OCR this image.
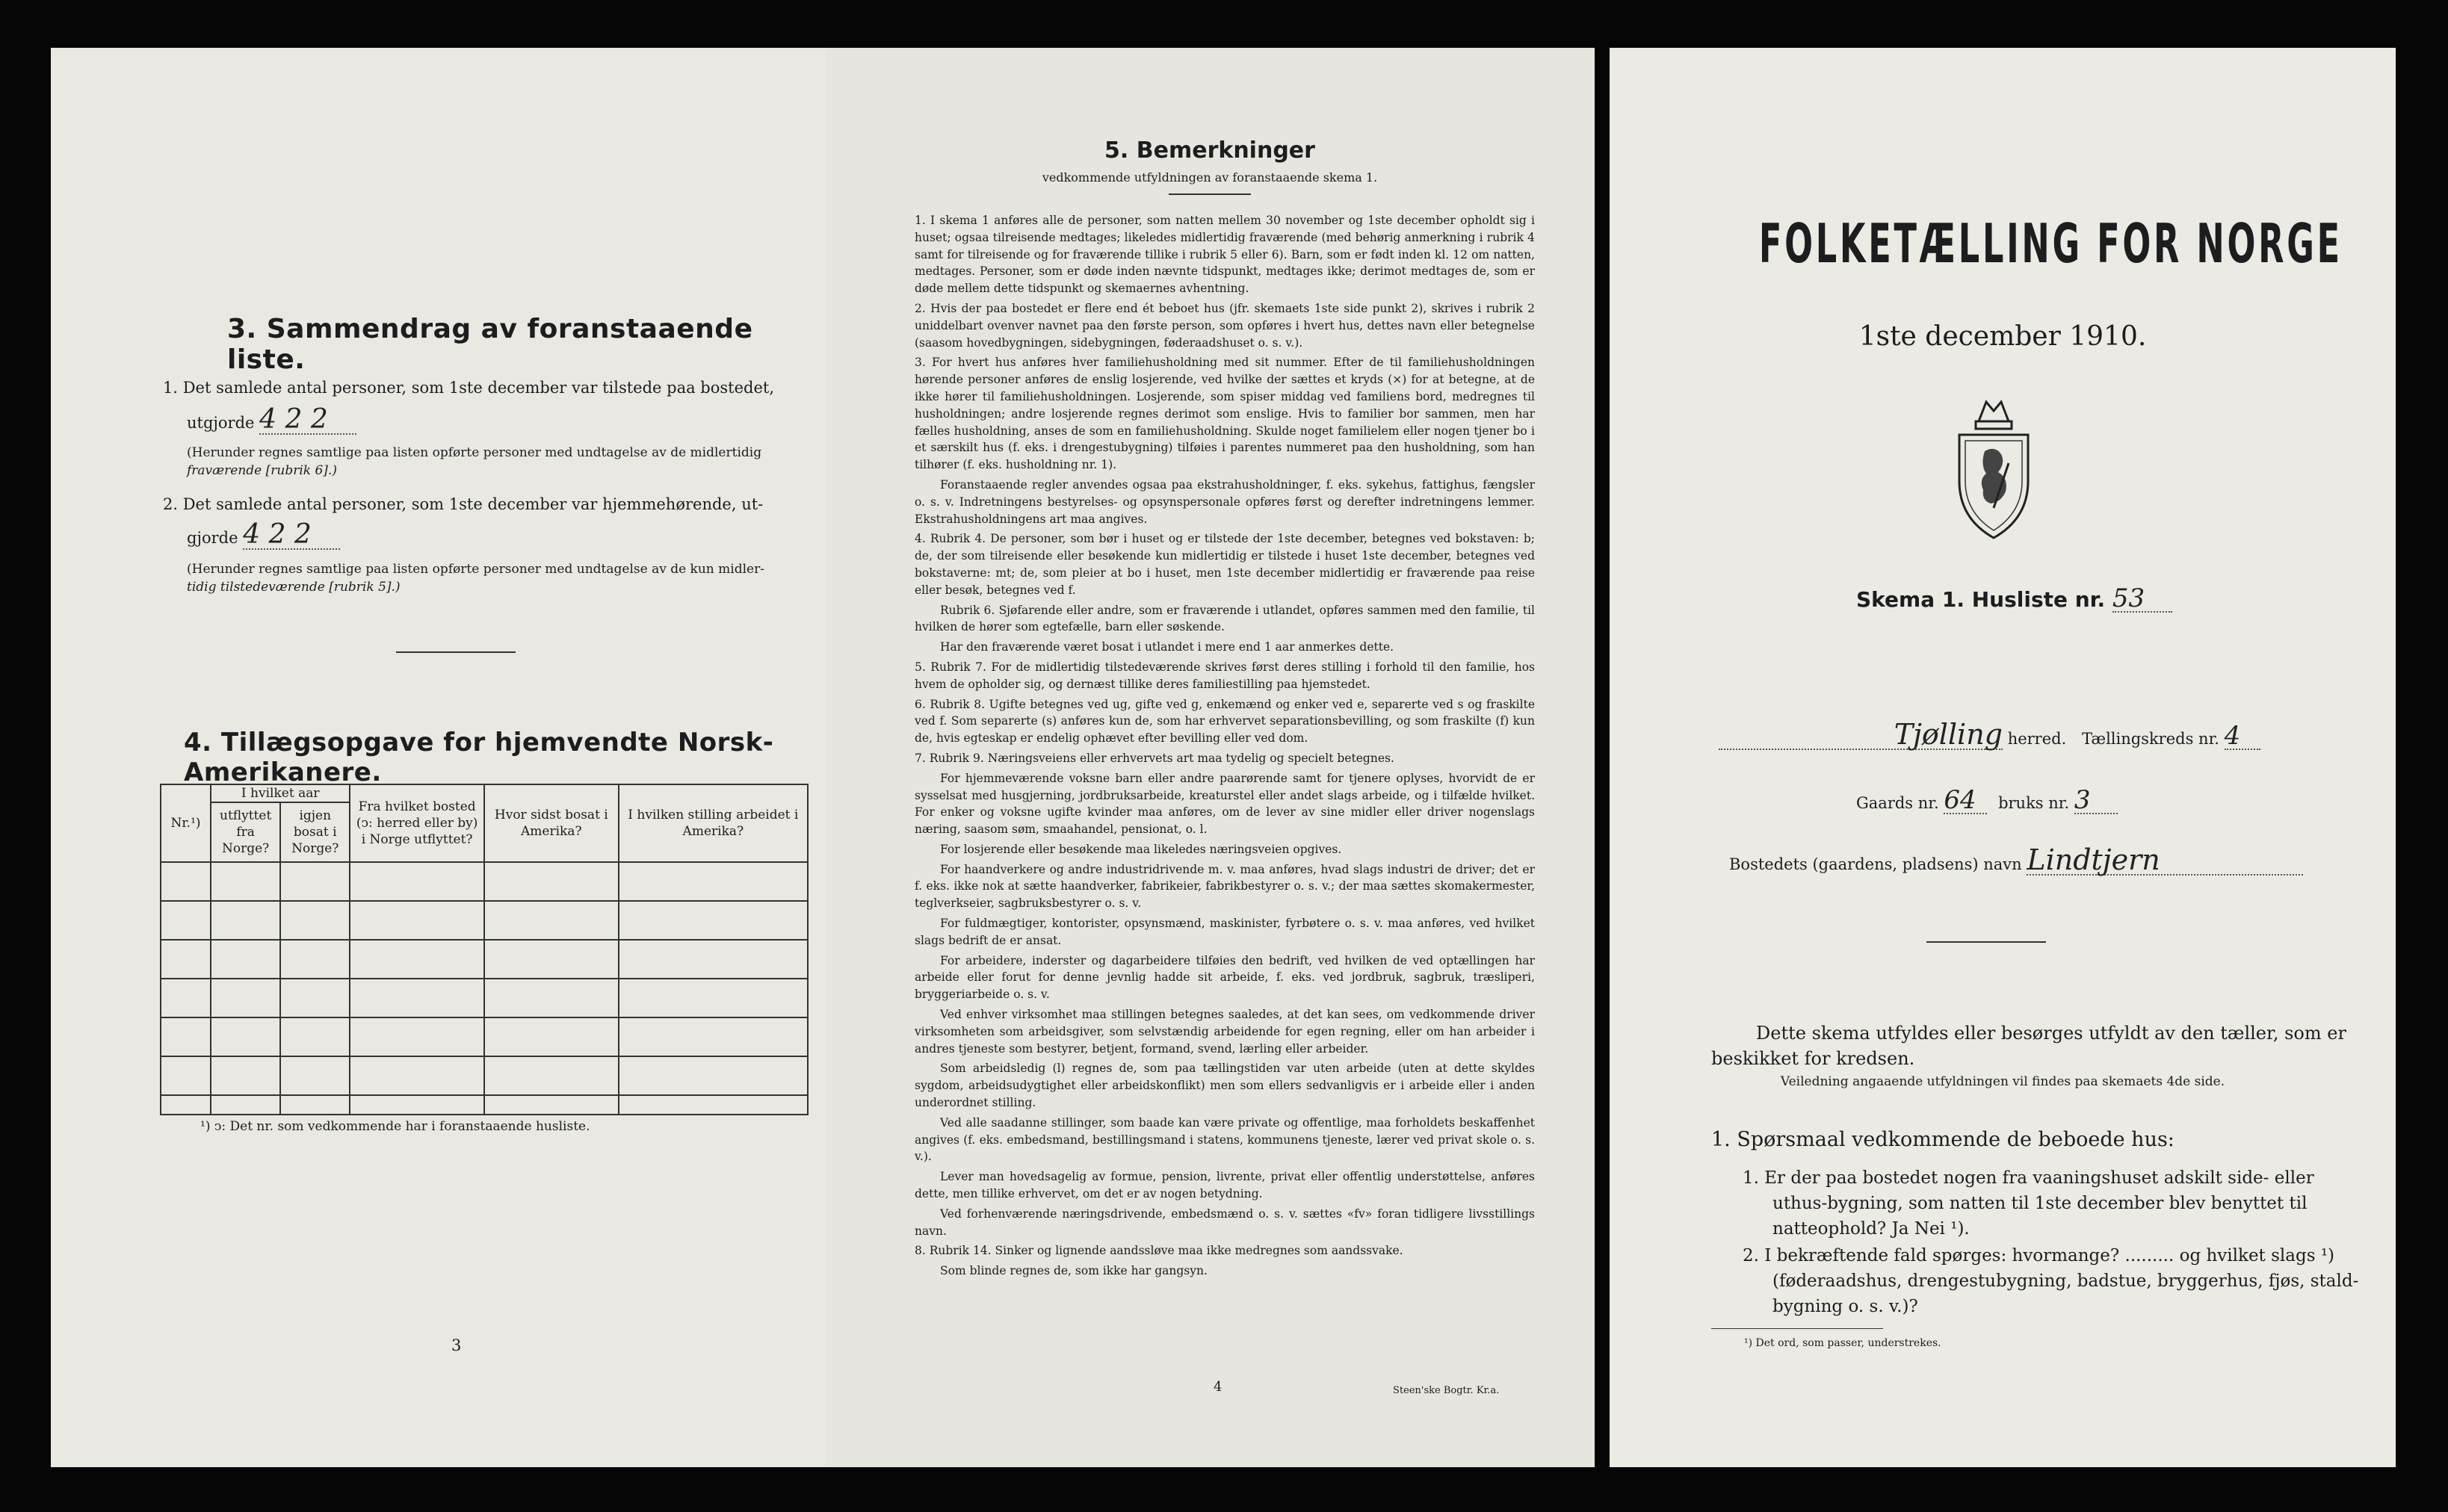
3. Sammendrag av foranstaaende liste.
1. Det samlede antal personer, som 1ste december var tilstede paa bostedet,
utgjorde 4 2 2
(Herunder regnes samtlige paa listen opførte personer med undtagelse av de midlertidig
fraværende [rubrik 6].)
2. Det samlede antal personer, som 1ste december var hjemmehørende, ut-
gjorde 4 2 2
(Herunder regnes samtlige paa listen opførte personer med undtagelse av de kun midler-
tidig tilstedeværende [rubrik 5].)
4. Tillægsopgave for hjemvendte Norsk-Amerikanere.
Nr.¹)	I hvilket aar		Fra hvilket bosted (ↄ: herred eller by) i Norge utflyttet?	Hvor sidst bosat i Amerika?	I hvilken stilling arbeidet i Amerika?
	utflyttet fra Norge?	igjen bosat i Norge?			

¹) ↄ: Det nr. som vedkommende har i foranstaaende husliste.
3
5. Bemerkninger
vedkommende utfyldningen av foranstaaende skema 1.

1. I skema 1 anføres alle de personer, som natten mellem 30 november og 1ste december opholdt sig i huset; ogsaa tilreisende medtages; likeledes midlertidig fraværende (med behørig anmerkning i rubrik 4 samt for tilreisende og for fraværende tillike i rubrik 5 eller 6). Barn, som er født inden kl. 12 om natten, medtages. Personer, som er døde inden nævnte tidspunkt, medtages ikke; derimot medtages de, som er døde mellem dette tidspunkt og skemaernes avhentning.

2. Hvis der paa bostedet er flere end ét beboet hus (jfr. skemaets 1ste side punkt 2), skrives i rubrik 2 uniddelbart ovenver navnet paa den første person, som opføres i hvert hus, dettes navn eller betegnelse (saasom hovedbygningen, sidebygningen, føderaadshuset o. s. v.).

3. For hvert hus anføres hver familiehusholdning med sit nummer. Efter de til familiehusholdningen hørende personer anføres de enslig losjerende, ved hvilke der sættes et kryds (×) for at betegne, at de ikke hører til familiehusholdningen. Losjerende, som spiser middag ved familiens bord, medregnes til husholdningen; andre losjerende regnes derimot som enslige. Hvis to familier bor sammen, men har fælles husholdning, anses de som en familiehusholdning. Skulde noget familielem eller nogen tjener bo i et særskilt hus (f. eks. i drengestubygning) tilføies i parentes nummeret paa den husholdning, som han tilhører (f. eks. husholdning nr. 1).

Foranstaaende regler anvendes ogsaa paa ekstrahusholdninger, f. eks. sykehus, fattighus, fængsler o. s. v. Indretningens bestyrelses- og opsynspersonale opføres først og derefter indretningens lemmer. Ekstrahusholdningens art maa angives.

4. Rubrik 4. De personer, som bør i huset og er tilstede der 1ste december, betegnes ved bokstaven: b; de, der som tilreisende eller besøkende kun midlertidig er tilstede i huset 1ste december, betegnes ved bokstaverne: mt; de, som pleier at bo i huset, men 1ste december midlertidig er fraværende paa reise eller besøk, betegnes ved f.

Rubrik 6. Sjøfarende eller andre, som er fraværende i utlandet, opføres sammen med den familie, til hvilken de hører som egtefælle, barn eller søskende.

Har den fraværende været bosat i utlandet i mere end 1 aar anmerkes dette.

5. Rubrik 7. For de midlertidig tilstedeværende skrives først deres stilling i forhold til den familie, hos hvem de opholder sig, og dernæst tillike deres familiestilling paa hjemstedet.

6. Rubrik 8. Ugifte betegnes ved ug, gifte ved g, enkemænd og enker ved e, separerte ved s og fraskilte ved f. Som separerte (s) anføres kun de, som har erhvervet separationsbevilling, og som fraskilte (f) kun de, hvis egteskap er endelig ophævet efter bevilling eller ved dom.

7. Rubrik 9. Næringsveiens eller erhvervets art maa tydelig og specielt betegnes.

For hjemmeværende voksne barn eller andre paarørende samt for tjenere oplyses, hvorvidt de er sysselsat med husgjerning, jordbruksarbeide, kreaturstel eller andet slags arbeide, og i tilfælde hvilket. For enker og voksne ugifte kvinder maa anføres, om de lever av sine midler eller driver nogenslags næring, saasom søm, smaahandel, pensionat, o. l.

For losjerende eller besøkende maa likeledes næringsveien opgives.

For haandverkere og andre industridrivende m. v. maa anføres, hvad slags industri de driver; det er f. eks. ikke nok at sætte haandverker, fabrikeier, fabrikbestyrer o. s. v.; der maa sættes skomakermester, teglverkseier, sagbruksbestyrer o. s. v.

For fuldmægtiger, kontorister, opsynsmænd, maskinister, fyrbøtere o. s. v. maa anføres, ved hvilket slags bedrift de er ansat.

For arbeidere, inderster og dagarbeidere tilføies den bedrift, ved hvilken de ved optællingen har arbeide eller forut for denne jevnlig hadde sit arbeide, f. eks. ved jordbruk, sagbruk, træsliperi, bryggeriarbeide o. s. v.

Ved enhver virksomhet maa stillingen betegnes saaledes, at det kan sees, om vedkommende driver virksomheten som arbeidsgiver, som selvstændig arbeidende for egen regning, eller om han arbeider i andres tjeneste som bestyrer, betjent, formand, svend, lærling eller arbeider.

Som arbeidsledig (l) regnes de, som paa tællingstiden var uten arbeide (uten at dette skyldes sygdom, arbeidsudygtighet eller arbeidskonflikt) men som ellers sedvanligvis er i arbeide eller i anden underordnet stilling.

Ved alle saadanne stillinger, som baade kan være private og offentlige, maa forholdets beskaffenhet angives (f. eks. embedsmand, bestillingsmand i statens, kommunens tjeneste, lærer ved privat skole o. s. v.).

Lever man hovedsagelig av formue, pension, livrente, privat eller offentlig understøttelse, anføres dette, men tillike erhvervet, om det er av nogen betydning.

Ved forhenværende næringsdrivende, embedsmænd o. s. v. sættes «fv» foran tidligere livsstillings navn.

8. Rubrik 14. Sinker og lignende aandssløve maa ikke medregnes som aandssvake.

Som blinde regnes de, som ikke har gangsyn.

4	Steen'ske Bogtr. Kr.a.
FOLKETÆLLING FOR NORGE
1ste december 1910.
Skema 1. Husliste nr. 53
Tjølling herred. Tællingskreds nr. 4
Gaards nr. 64 bruks nr. 3
Bostedets (gaardens, pladsens) navn Lindtjern
Dette skema utfyldes eller besørges utfyldt av den tæller, som er
beskikket for kredsen.
Veiledning angaaende utfyldningen vil findes paa skemaets 4de side.
1. Spørsmaal vedkommende de beboede hus:
1. Er der paa bostedet nogen fra vaaningshuset adskilt side- eller
uthus-bygning, som natten til 1ste december blev benyttet til
natteophold? Ja Nei ¹).
2. I bekræftende fald spørges: hvormange? ......... og hvilket slags ¹)
(føderaadshus, drengestubygning, badstue, bryggerhus, fjøs, stald-
bygning o. s. v.)?
¹) Det ord, som passer, understrekes.
